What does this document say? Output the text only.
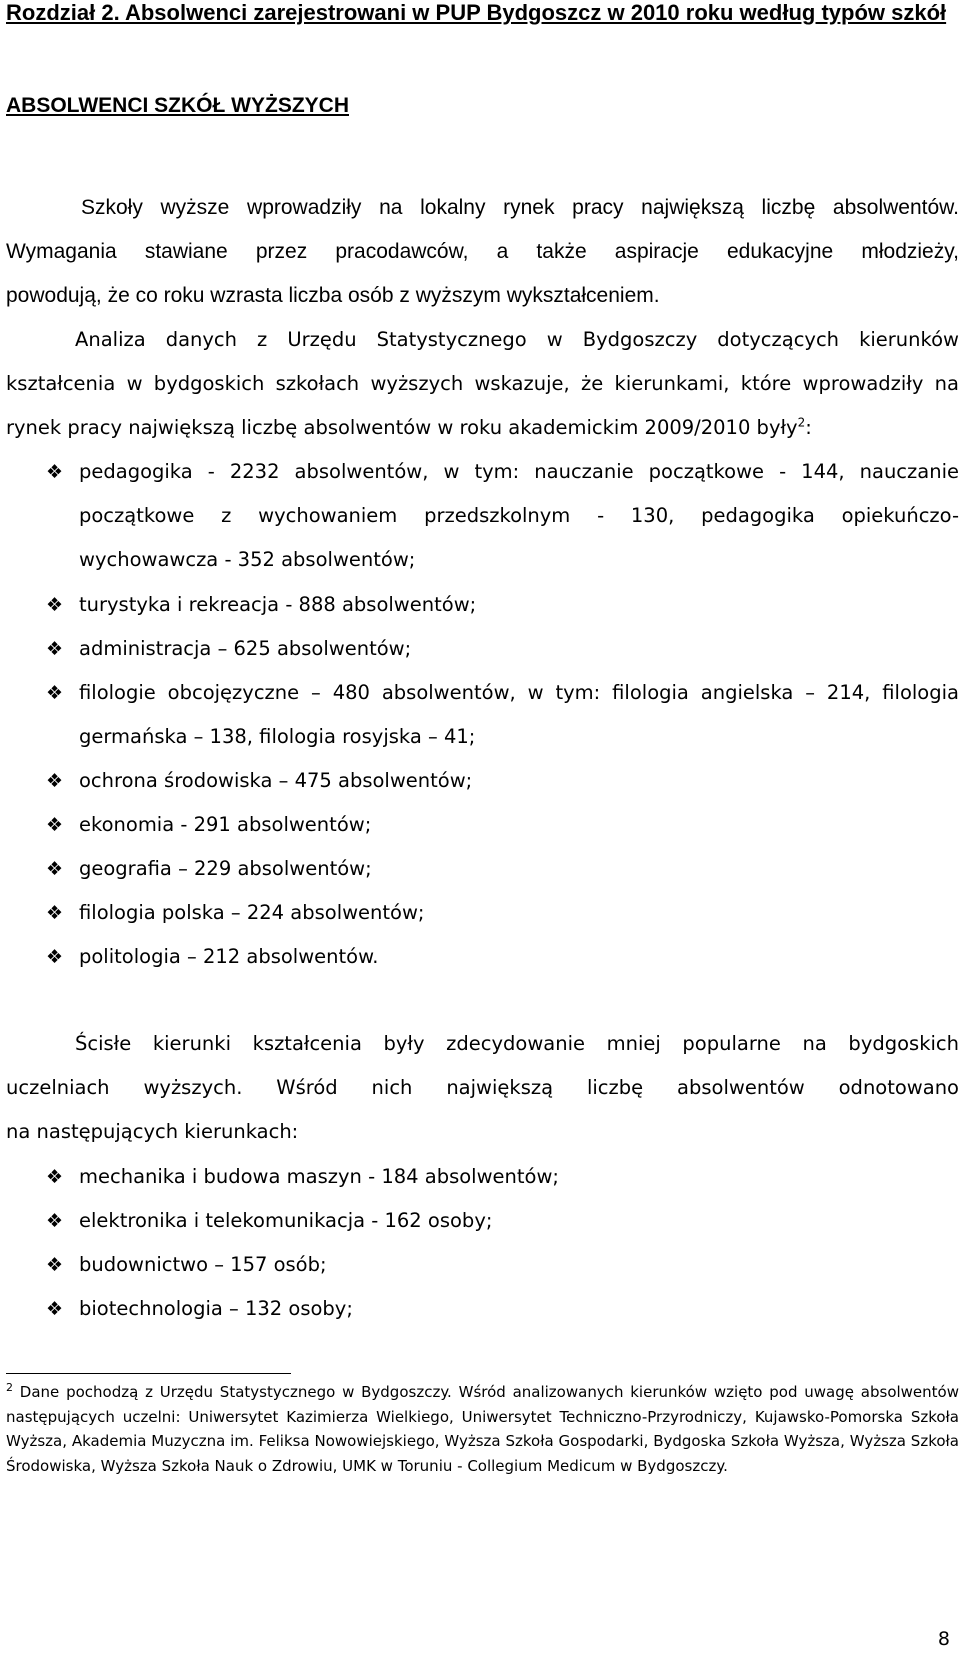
Rozdział 2. Absolwenci zarejestrowani w PUP Bydgoszcz w 2010 roku według typów szkół
ABSOLWENCI SZKÓŁ WYŻSZYCH
Szkoły wyższe wprowadziły na lokalny rynek pracy największą liczbę absolwentów.
Wymagania stawiane przez pracodawców, a także aspiracje edukacyjne młodzieży,
powodują, że co roku wzrasta liczba osób z wyższym wykształceniem.
Analiza danych z Urzędu Statystycznego w Bydgoszczy dotyczących kierunków
kształcenia w bydgoskich szkołach wyższych wskazuje, że kierunkami, które wprowadziły na
rynek pracy największą liczbę absolwentów w roku akademickim 2009/2010 były$^2$:
❖ pedagogika - 2232 absolwentów, w tym: nauczanie początkowe - 144, nauczanie
początkowe z wychowaniem przedszkolnym - 130, pedagogika opiekuńczo-
wychowawcza - 352 absolwentów;
❖ turystyka i rekreacja - 888 absolwentów;
❖ administracja – 625 absolwentów;
❖ filologie obcojęzyczne – 480 absolwentów, w tym: filologia angielska – 214, filologia
germańska – 138, filologia rosyjska – 41;
❖ ochrona środowiska – 475 absolwentów;
❖ ekonomia - 291 absolwentów;
❖ geografia – 229 absolwentów;
❖ filologia polska – 224 absolwentów;
❖ politologia – 212 absolwentów.
Ścisłe kierunki kształcenia były zdecydowanie mniej popularne na bydgoskich
uczelniach wyższych. Wśród nich największą liczbę absolwentów odnotowano
na następujących kierunkach:
❖ mechanika i budowa maszyn - 184 absolwentów;
❖ elektronika i telekomunikacja - 162 osoby;
❖ budownictwo – 157 osób;
❖ biotechnologia – 132 osoby;
$^2$ Dane pochodzą z Urzędu Statystycznego w Bydgoszczy. Wśród analizowanych kierunków wzięto pod uwagę absolwentów następujących uczelni: Uniwersytet Kazimierza Wielkiego, Uniwersytet Techniczno-Przyrodniczy, Kujawsko-Pomorska Szkoła Wyższa, Akademia Muzyczna im. Feliksa Nowowiejskiego, Wyższa Szkoła Gospodarki, Bydgoska Szkoła Wyższa, Wyższa Szkoła Środowiska, Wyższa Szkoła Nauk o Zdrowiu, UMK w Toruniu - Collegium Medicum w Bydgoszczy.
8
